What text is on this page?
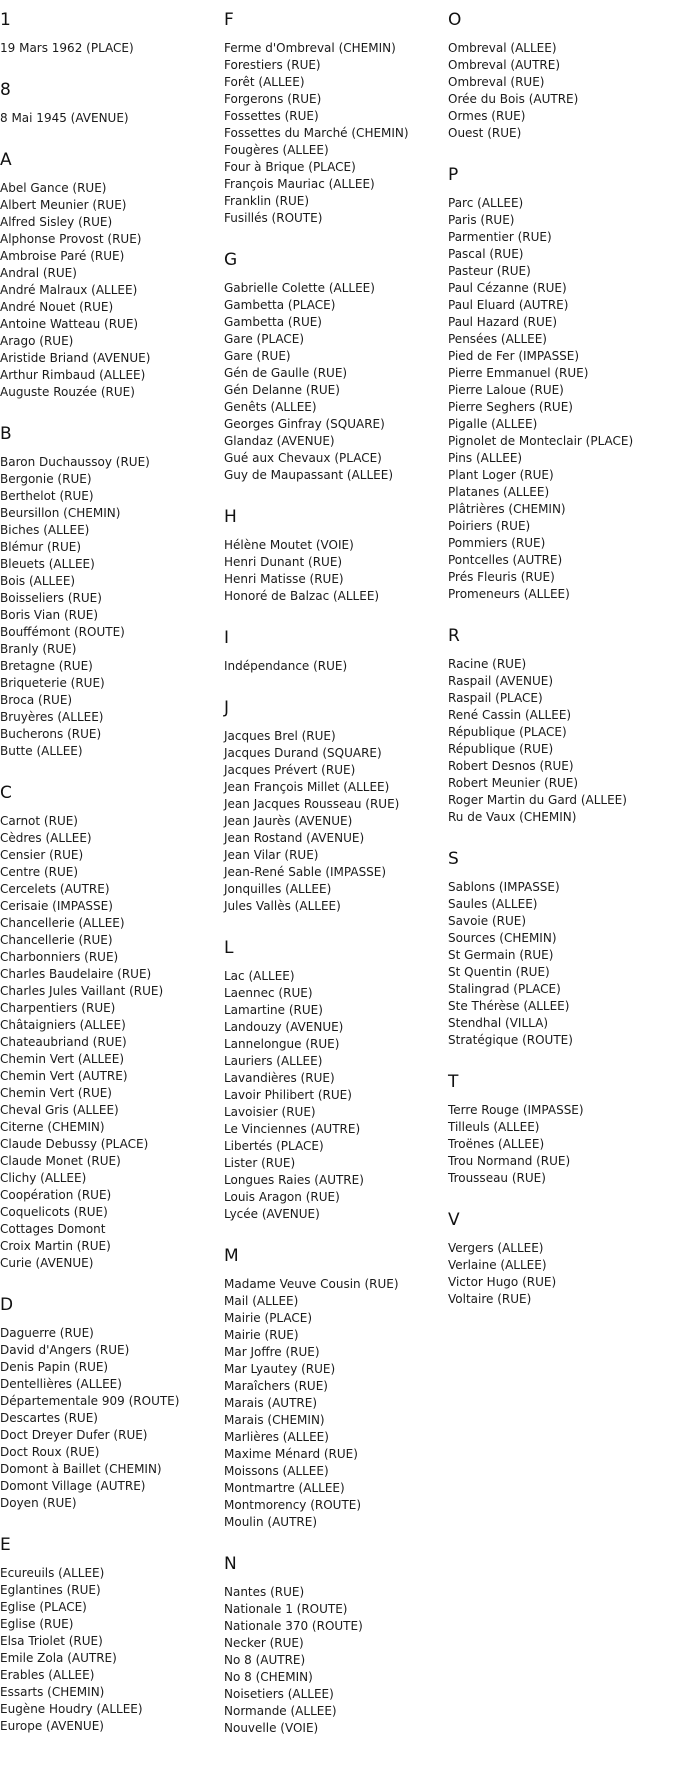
1
19 Mars 1962 (PLACE)
8
8 Mai 1945 (AVENUE)
A
Abel Gance (RUE)
Albert Meunier (RUE)
Alfred Sisley (RUE)
Alphonse Provost (RUE)
Ambroise Paré (RUE)
Andral (RUE)
André Malraux (ALLEE)
André Nouet (RUE)
Antoine Watteau (RUE)
Arago (RUE)
Aristide Briand (AVENUE)
Arthur Rimbaud (ALLEE)
Auguste Rouzée (RUE)
B
Baron Duchaussoy (RUE)
Bergonie (RUE)
Berthelot (RUE)
Beursillon (CHEMIN)
Biches (ALLEE)
Blémur (RUE)
Bleuets (ALLEE)
Bois (ALLEE)
Boisseliers (RUE)
Boris Vian (RUE)
Bouffémont (ROUTE)
Branly (RUE)
Bretagne (RUE)
Briqueterie (RUE)
Broca (RUE)
Bruyères (ALLEE)
Bucherons (RUE)
Butte (ALLEE)
C
Carnot (RUE)
Cèdres (ALLEE)
Censier (RUE)
Centre (RUE)
Cercelets (AUTRE)
Cerisaie (IMPASSE)
Chancellerie (ALLEE)
Chancellerie (RUE)
Charbonniers (RUE)
Charles Baudelaire (RUE)
Charles Jules Vaillant (RUE)
Charpentiers (RUE)
Châtaigniers (ALLEE)
Chateaubriand (RUE)
Chemin Vert (ALLEE)
Chemin Vert (AUTRE)
Chemin Vert (RUE)
Cheval Gris (ALLEE)
Citerne (CHEMIN)
Claude Debussy (PLACE)
Claude Monet (RUE)
Clichy (ALLEE)
Coopération (RUE)
Coquelicots (RUE)
Cottages Domont
Croix Martin (RUE)
Curie (AVENUE)
D
Daguerre (RUE)
David d'Angers (RUE)
Denis Papin (RUE)
Dentellières (ALLEE)
Départementale 909 (ROUTE)
Descartes (RUE)
Doct Dreyer Dufer (RUE)
Doct Roux (RUE)
Domont à Baillet (CHEMIN)
Domont Village (AUTRE)
Doyen (RUE)
E
Ecureuils (ALLEE)
Eglantines (RUE)
Eglise (PLACE)
Eglise (RUE)
Elsa Triolet (RUE)
Emile Zola (AUTRE)
Erables (ALLEE)
Essarts (CHEMIN)
Eugène Houdry (ALLEE)
Europe (AVENUE)
F
Ferme d'Ombreval (CHEMIN)
Forestiers (RUE)
Forêt (ALLEE)
Forgerons (RUE)
Fossettes (RUE)
Fossettes du Marché (CHEMIN)
Fougères (ALLEE)
Four à Brique (PLACE)
François Mauriac (ALLEE)
Franklin (RUE)
Fusillés (ROUTE)
G
Gabrielle Colette (ALLEE)
Gambetta (PLACE)
Gambetta (RUE)
Gare (PLACE)
Gare (RUE)
Gén de Gaulle (RUE)
Gén Delanne (RUE)
Genêts (ALLEE)
Georges Ginfray (SQUARE)
Glandaz (AVENUE)
Gué aux Chevaux (PLACE)
Guy de Maupassant (ALLEE)
H
Hélène Moutet (VOIE)
Henri Dunant (RUE)
Henri Matisse (RUE)
Honoré de Balzac (ALLEE)
I
Indépendance (RUE)
J
Jacques Brel (RUE)
Jacques Durand (SQUARE)
Jacques Prévert (RUE)
Jean François Millet (ALLEE)
Jean Jacques Rousseau (RUE)
Jean Jaurès (AVENUE)
Jean Rostand (AVENUE)
Jean Vilar (RUE)
Jean-René Sable (IMPASSE)
Jonquilles (ALLEE)
Jules Vallès (ALLEE)
L
Lac (ALLEE)
Laennec (RUE)
Lamartine (RUE)
Landouzy (AVENUE)
Lannelongue (RUE)
Lauriers (ALLEE)
Lavandières (RUE)
Lavoir Philibert (RUE)
Lavoisier (RUE)
Le Vinciennes (AUTRE)
Libertés (PLACE)
Lister (RUE)
Longues Raies (AUTRE)
Louis Aragon (RUE)
Lycée (AVENUE)
M
Madame Veuve Cousin (RUE)
Mail (ALLEE)
Mairie (PLACE)
Mairie (RUE)
Mar Joffre (RUE)
Mar Lyautey (RUE)
Maraîchers (RUE)
Marais (AUTRE)
Marais (CHEMIN)
Marlières (ALLEE)
Maxime Ménard (RUE)
Moissons (ALLEE)
Montmartre (ALLEE)
Montmorency (ROUTE)
Moulin (AUTRE)
N
Nantes (RUE)
Nationale 1 (ROUTE)
Nationale 370 (ROUTE)
Necker (RUE)
No 8 (AUTRE)
No 8 (CHEMIN)
Noisetiers (ALLEE)
Normande (ALLEE)
Nouvelle (VOIE)
O
Ombreval (ALLEE)
Ombreval (AUTRE)
Ombreval (RUE)
Orée du Bois (AUTRE)
Ormes (RUE)
Ouest (RUE)
P
Parc (ALLEE)
Paris (RUE)
Parmentier (RUE)
Pascal (RUE)
Pasteur (RUE)
Paul Cézanne (RUE)
Paul Eluard (AUTRE)
Paul Hazard (RUE)
Pensées (ALLEE)
Pied de Fer (IMPASSE)
Pierre Emmanuel (RUE)
Pierre Laloue (RUE)
Pierre Seghers (RUE)
Pigalle (ALLEE)
Pignolet de Monteclair (PLACE)
Pins (ALLEE)
Plant Loger (RUE)
Platanes (ALLEE)
Plâtrières (CHEMIN)
Poiriers (RUE)
Pommiers (RUE)
Pontcelles (AUTRE)
Prés Fleuris (RUE)
Promeneurs (ALLEE)
R
Racine (RUE)
Raspail (AVENUE)
Raspail (PLACE)
René Cassin (ALLEE)
République (PLACE)
République (RUE)
Robert Desnos (RUE)
Robert Meunier (RUE)
Roger Martin du Gard (ALLEE)
Ru de Vaux (CHEMIN)
S
Sablons (IMPASSE)
Saules (ALLEE)
Savoie (RUE)
Sources (CHEMIN)
St Germain (RUE)
St Quentin (RUE)
Stalingrad (PLACE)
Ste Thérèse (ALLEE)
Stendhal (VILLA)
Stratégique (ROUTE)
T
Terre Rouge (IMPASSE)
Tilleuls (ALLEE)
Troënes (ALLEE)
Trou Normand (RUE)
Trousseau (RUE)
V
Vergers (ALLEE)
Verlaine (ALLEE)
Victor Hugo (RUE)
Voltaire (RUE)
